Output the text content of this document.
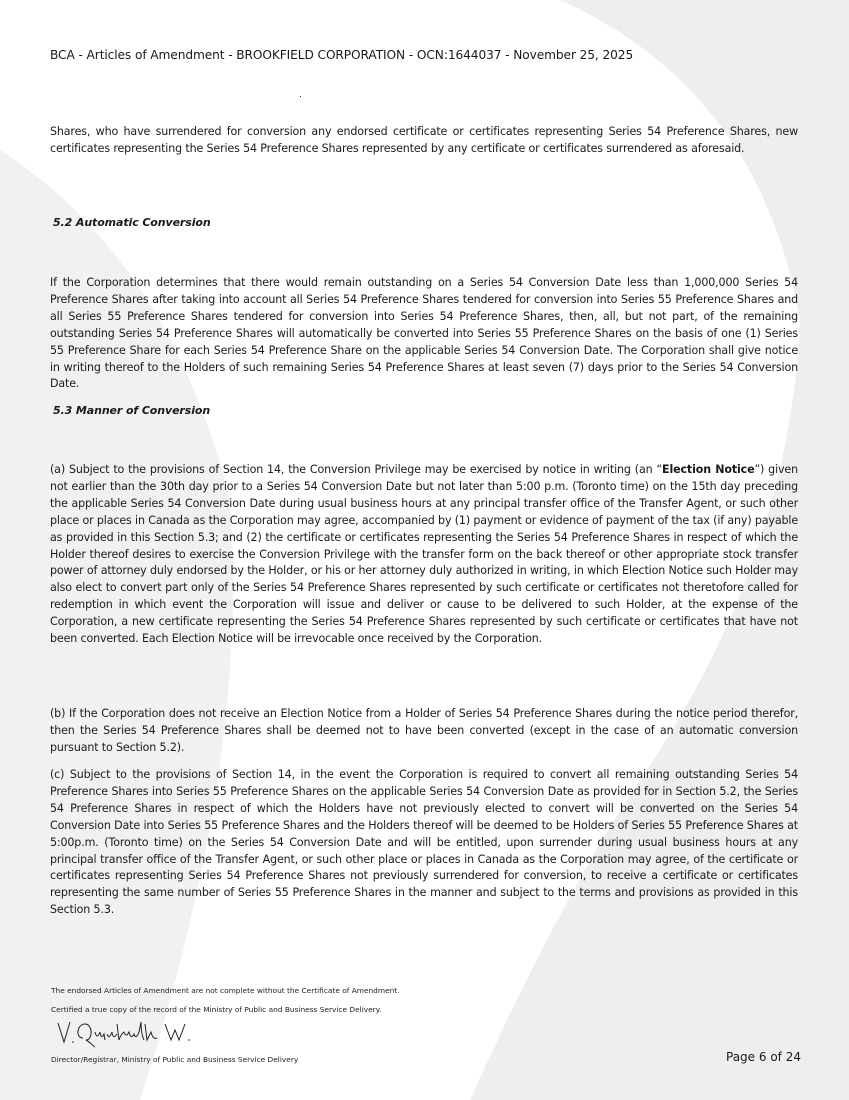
BCA - Articles of Amendment - BROOKFIELD CORPORATION - OCN:1644037 - November 25, 2025
Shares, who have surrendered for conversion any endorsed certificate or certificates representing Series 54 Preference Shares, new certificates representing the Series 54 Preference Shares represented by any certificate or certificates surrendered as aforesaid.
5.2 Automatic Conversion
If the Corporation determines that there would remain outstanding on a Series 54 Conversion Date less than 1,000,000 Series 54 Preference Shares after taking into account all Series 54 Preference Shares tendered for conversion into Series 55 Preference Shares and all Series 55 Preference Shares tendered for conversion into Series 54 Preference Shares, then, all, but not part, of the remaining outstanding Series 54 Preference Shares will automatically be converted into Series 55 Preference Shares on the basis of one (1) Series 55 Preference Share for each Series 54 Preference Share on the applicable Series 54 Conversion Date. The Corporation shall give notice in writing thereof to the Holders of such remaining Series 54 Preference Shares at least seven (7) days prior to the Series 54 Conversion Date.
5.3 Manner of Conversion
(a) Subject to the provisions of Section 14, the Conversion Privilege may be exercised by notice in writing (an “Election Notice”) given not earlier than the 30th day prior to a Series 54 Conversion Date but not later than 5:00 p.m. (Toronto time) on the 15th day preceding the applicable Series 54 Conversion Date during usual business hours at any principal transfer office of the Transfer Agent, or such other place or places in Canada as the Corporation may agree, accompanied by (1) payment or evidence of payment of the tax (if any) payable as provided in this Section 5.3; and (2) the certificate or certificates representing the Series 54 Preference Shares in respect of which the Holder thereof desires to exercise the Conversion Privilege with the transfer form on the back thereof or other appropriate stock transfer power of attorney duly endorsed by the Holder, or his or her attorney duly authorized in writing, in which Election Notice such Holder may also elect to convert part only of the Series 54 Preference Shares represented by such certificate or certificates not theretofore called for redemption in which event the Corporation will issue and deliver or cause to be delivered to such Holder, at the expense of the Corporation, a new certificate representing the Series 54 Preference Shares represented by such certificate or certificates that have not been converted. Each Election Notice will be irrevocable once received by the Corporation.
(b) If the Corporation does not receive an Election Notice from a Holder of Series 54 Preference Shares during the notice period therefor, then the Series 54 Preference Shares shall be deemed not to have been converted (except in the case of an automatic conversion pursuant to Section 5.2).
(c) Subject to the provisions of Section 14, in the event the Corporation is required to convert all remaining outstanding Series 54 Preference Shares into Series 55 Preference Shares on the applicable Series 54 Conversion Date as provided for in Section 5.2, the Series 54 Preference Shares in respect of which the Holders have not previously elected to convert will be converted on the Series 54 Conversion Date into Series 55 Preference Shares and the Holders thereof will be deemed to be Holders of Series 55 Preference Shares at 5:00p.m. (Toronto time) on the Series 54 Conversion Date and will be entitled, upon surrender during usual business hours at any principal transfer office of the Transfer Agent, or such other place or places in Canada as the Corporation may agree, of the certificate or certificates representing Series 54 Preference Shares not previously surrendered for conversion, to receive a certificate or certificates representing the same number of Series 55 Preference Shares in the manner and subject to the terms and provisions as provided in this Section 5.3.
The endorsed Articles of Amendment are not complete without the Certificate of Amendment.
Certified a true copy of the record of the Ministry of Public and Business Service Delivery.
Director/Registrar, Ministry of Public and Business Service Delivery	Page 6 of 24
